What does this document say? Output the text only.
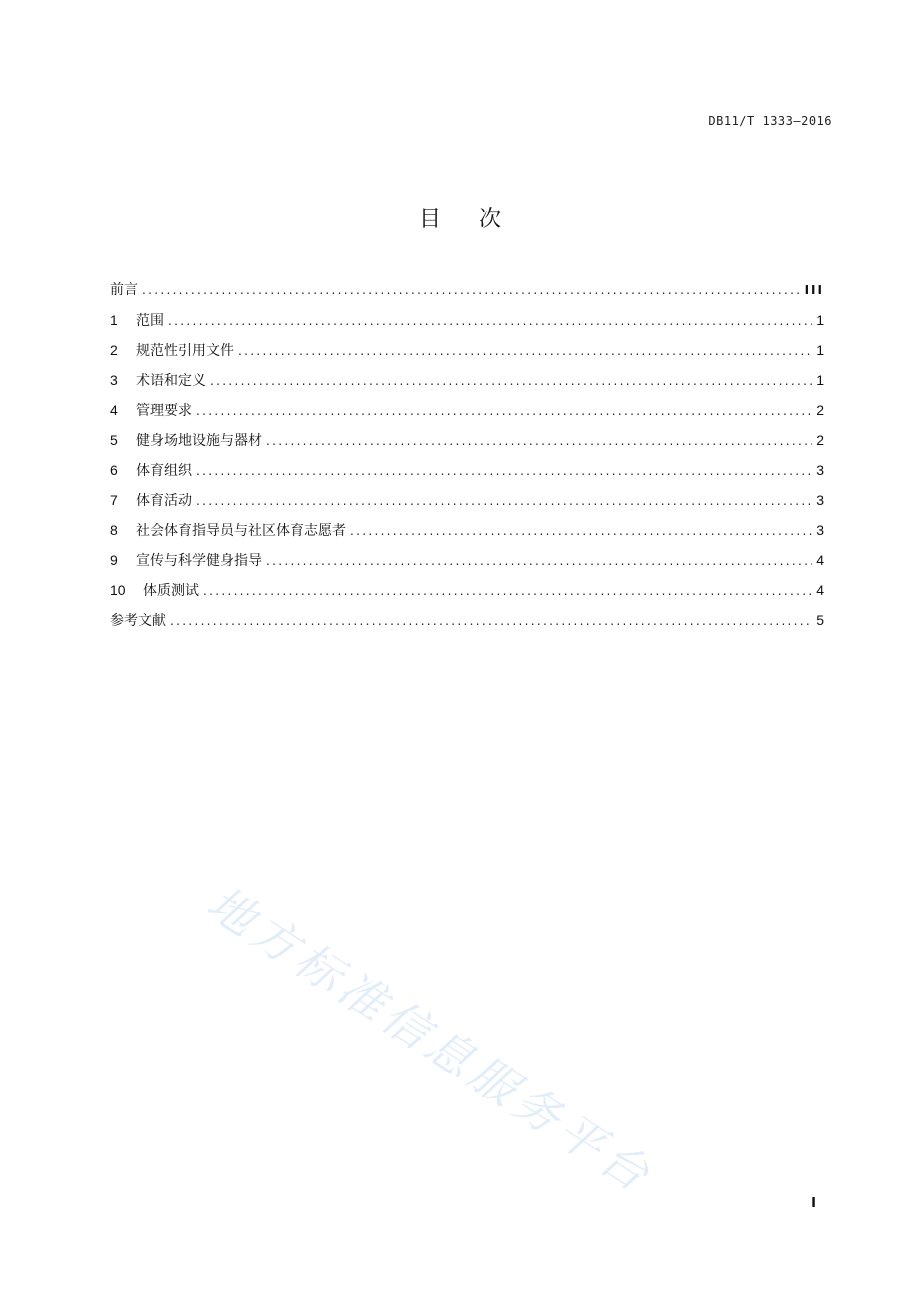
DB11/T 1333—2016
目 次
前言 .....	III
1	范围 .....	1
2	规范性引用文件 .....	1
3	术语和定义 .....	1
4	管理要求 .....	2
5	健身场地设施与器材 .....	2
6	体育组织 .....	3
7	体育活动 .....	3
8	社会体育指导员与社区体育志愿者 .....	3
9	宣传与科学健身指导 .....	4
10	体质测试 .....	4
参考文献 .....	5
地方标准信息服务平台	I
